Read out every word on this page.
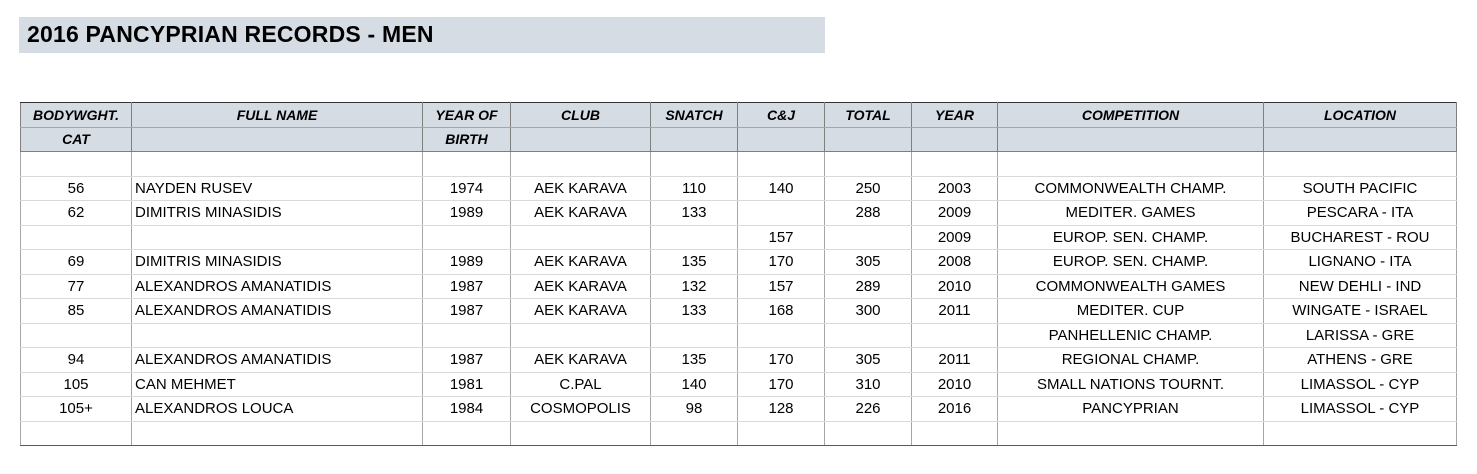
2016 PANCYPRIAN RECORDS - MEN
BODYWGHT.	FULL NAME	YEAR OF	CLUB	SNATCH	C&J	TOTAL	YEAR	COMPETITION	LOCATION
CAT		BIRTH							

56	NAYDEN RUSEV	1974	AEK KARAVA	110	140	250	2003	COMMONWEALTH CHAMP.	SOUTH PACIFIC
62	DIMITRIS MINASIDIS	1989	AEK KARAVA	133		288	2009	MEDITER. GAMES	PESCARA - ITA
					157		2009	EUROP. SEN. CHAMP.	BUCHAREST - ROU
69	DIMITRIS MINASIDIS	1989	AEK KARAVA	135	170	305	2008	EUROP. SEN. CHAMP.	LIGNANO - ITA
77	ALEXANDROS AMANATIDIS	1987	AEK KARAVA	132	157	289	2010	COMMONWEALTH GAMES	NEW DEHLI - IND
85	ALEXANDROS AMANATIDIS	1987	AEK KARAVA	133	168	300	2011	MEDITER. CUP	WINGATE - ISRAEL
								PANHELLENIC CHAMP.	LARISSA - GRE
94	ALEXANDROS AMANATIDIS	1987	AEK KARAVA	135	170	305	2011	REGIONAL CHAMP.	ATHENS - GRE
105	CAN MEHMET	1981	C.PAL	140	170	310	2010	SMALL NATIONS TOURNT.	LIMASSOL - CYP
105+	ALEXANDROS LOUCA	1984	COSMOPOLIS	98	128	226	2016	PANCYPRIAN	LIMASSOL - CYP
